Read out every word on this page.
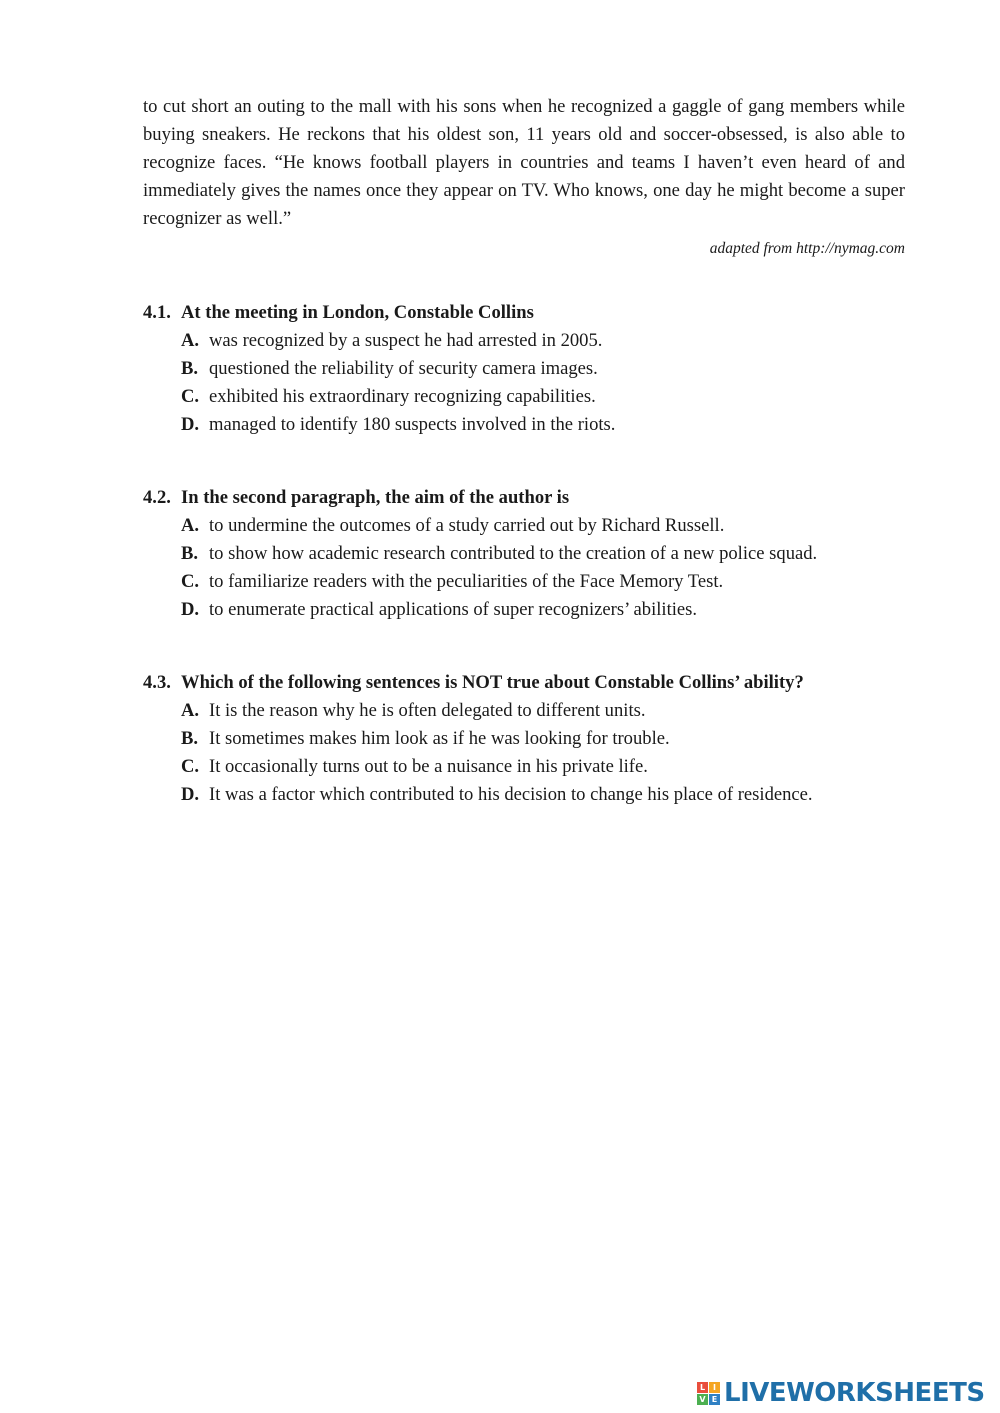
to cut short an outing to the mall with his sons when he recognized a gaggle of gang members while buying sneakers. He reckons that his oldest son, 11 years old and soccer-obsessed, is also able to recognize faces. “He knows football players in countries and teams I haven’t even heard of and immediately gives the names once they appear on TV. Who knows, one day he might become a super recognizer as well.”

adapted from http://nymag.com

4.1. At the meeting in London, Constable Collins
A. was recognized by a suspect he had arrested in 2005.
B. questioned the reliability of security camera images.
C. exhibited his extraordinary recognizing capabilities.
D. managed to identify 180 suspects involved in the riots.
4.2. In the second paragraph, the aim of the author is
A. to undermine the outcomes of a study carried out by Richard Russell.
B. to show how academic research contributed to the creation of a new police squad.
C. to familiarize readers with the peculiarities of the Face Memory Test.
D. to enumerate practical applications of super recognizers’ abilities.
4.3. Which of the following sentences is NOT true about Constable Collins’ ability?
A. It is the reason why he is often delegated to different units.
B. It sometimes makes him look as if he was looking for trouble.
C. It occasionally turns out to be a nuisance in his private life.
D. It was a factor which contributed to his decision to change his place of residence.
L I
V E LIVEWORKSHEETS
